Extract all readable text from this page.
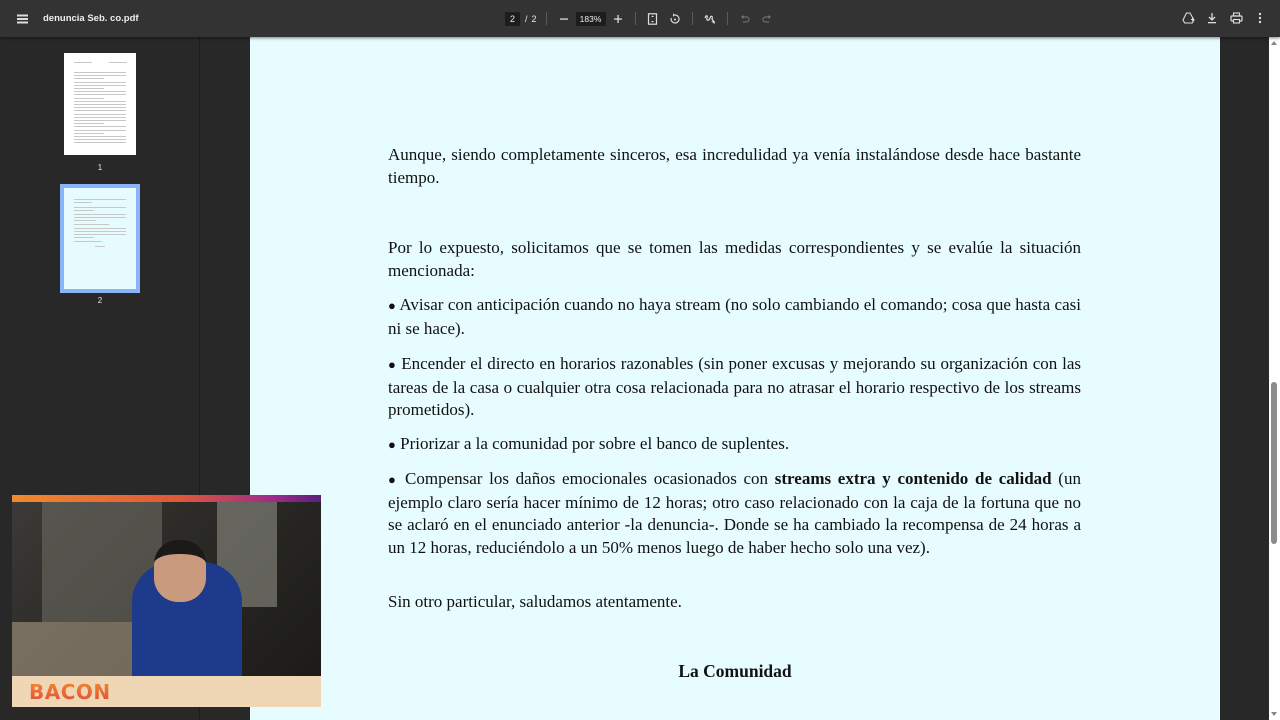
denuncia Seb. co.pdf	2	/ 2	183%
1
2
Aunque, siendo completamente sinceros, esa incredulidad ya venía instalándose desde hace bastante tiempo.
Por lo expuesto, solicitamos que se tomen las medidas correspondientes y se evalúe la situación mencionada:
● Avisar con anticipación cuando no haya stream (no solo cambiando el comando; cosa que hasta casi ni se hace).
● Encender el directo en horarios razonables (sin poner excusas y mejorando su organización con las tareas de la casa o cualquier otra cosa relacionada para no atrasar el horario respectivo de los streams prometidos).
● Priorizar a la comunidad por sobre el banco de suplentes.
● Compensar los daños emocionales ocasionados con streams extra y contenido de calidad (un ejemplo claro sería hacer mínimo de 12 horas; otro caso relacionado con la caja de la fortuna que no se aclaró en el enunciado anterior -la denuncia-. Donde se ha cambiado la recompensa de 24 horas a un 12 horas, reduciéndolo a un 50% menos luego de haber hecho solo una vez).
Sin otro particular, saludamos atentamente.
La Comunidad
BACON
